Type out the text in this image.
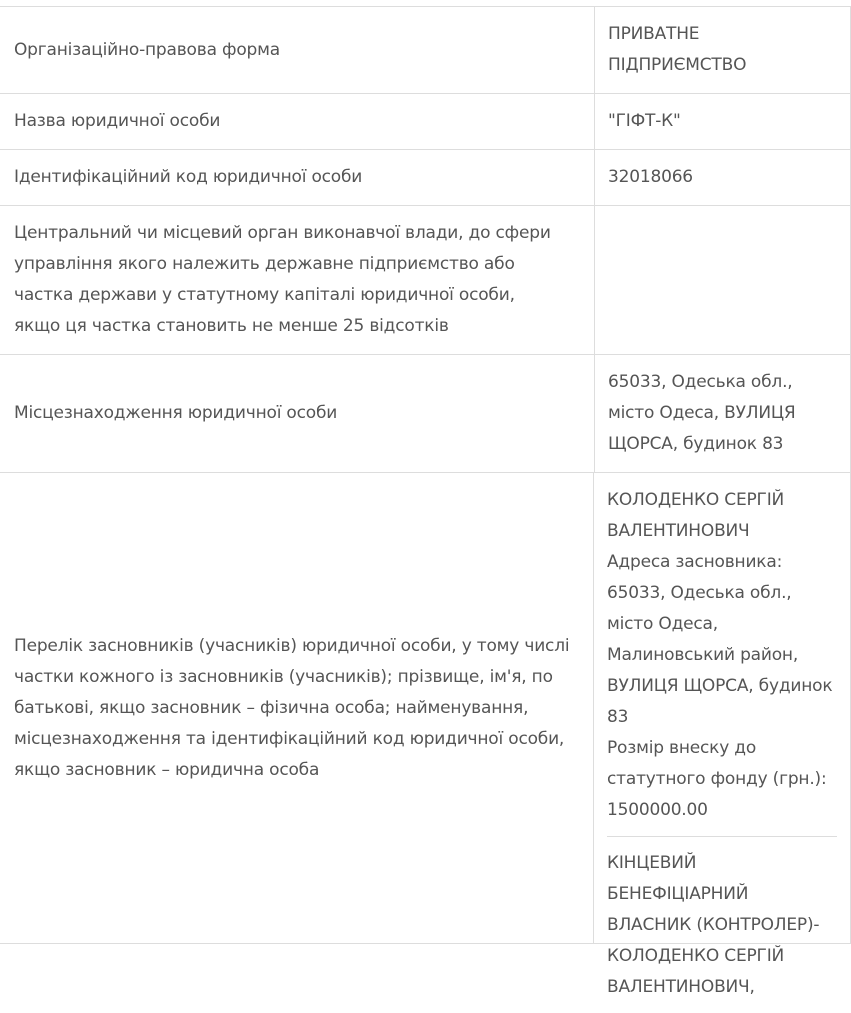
Організаційно-правова форма
ПРИВАТНЕ ПІДПРИЄМСТВО
Назва юридичної особи	"ГІФТ-К"
Ідентифікаційний код юридичної особи	32018066
Центральний чи місцевий орган виконавчої влади, до сфери управління якого належить державне підприємство або частка держави у статутному капіталі юридичної особи, якщо ця частка становить не менше 25 відсотків
Місцезнаходження юридичної особи
65033, Одеська обл., місто Одеса, ВУЛИЦЯ ЩОРСА, будинок 83
Перелік засновників (учасників) юридичної особи, у тому числі частки кожного із засновників (учасників); прізвище, ім'я, по батькові, якщо засновник – фізична особа; найменування, місцезнаходження та ідентифікаційний код юридичної особи, якщо засновник – юридична особа
КОЛОДЕНКО СЕРГІЙ ВАЛЕНТИНОВИЧ
Адреса засновника: 65033, Одеська обл., місто Одеса, Малиновський район, ВУЛИЦЯ ЩОРСА, будинок 83
Розмір внеску до статутного фонду (грн.): 1500000.00
КІНЦЕВИЙ БЕНЕФІЦІАРНИЙ ВЛАСНИК (КОНТРОЛЕР)- КОЛОДЕНКО СЕРГІЙ ВАЛЕНТИНОВИЧ,
